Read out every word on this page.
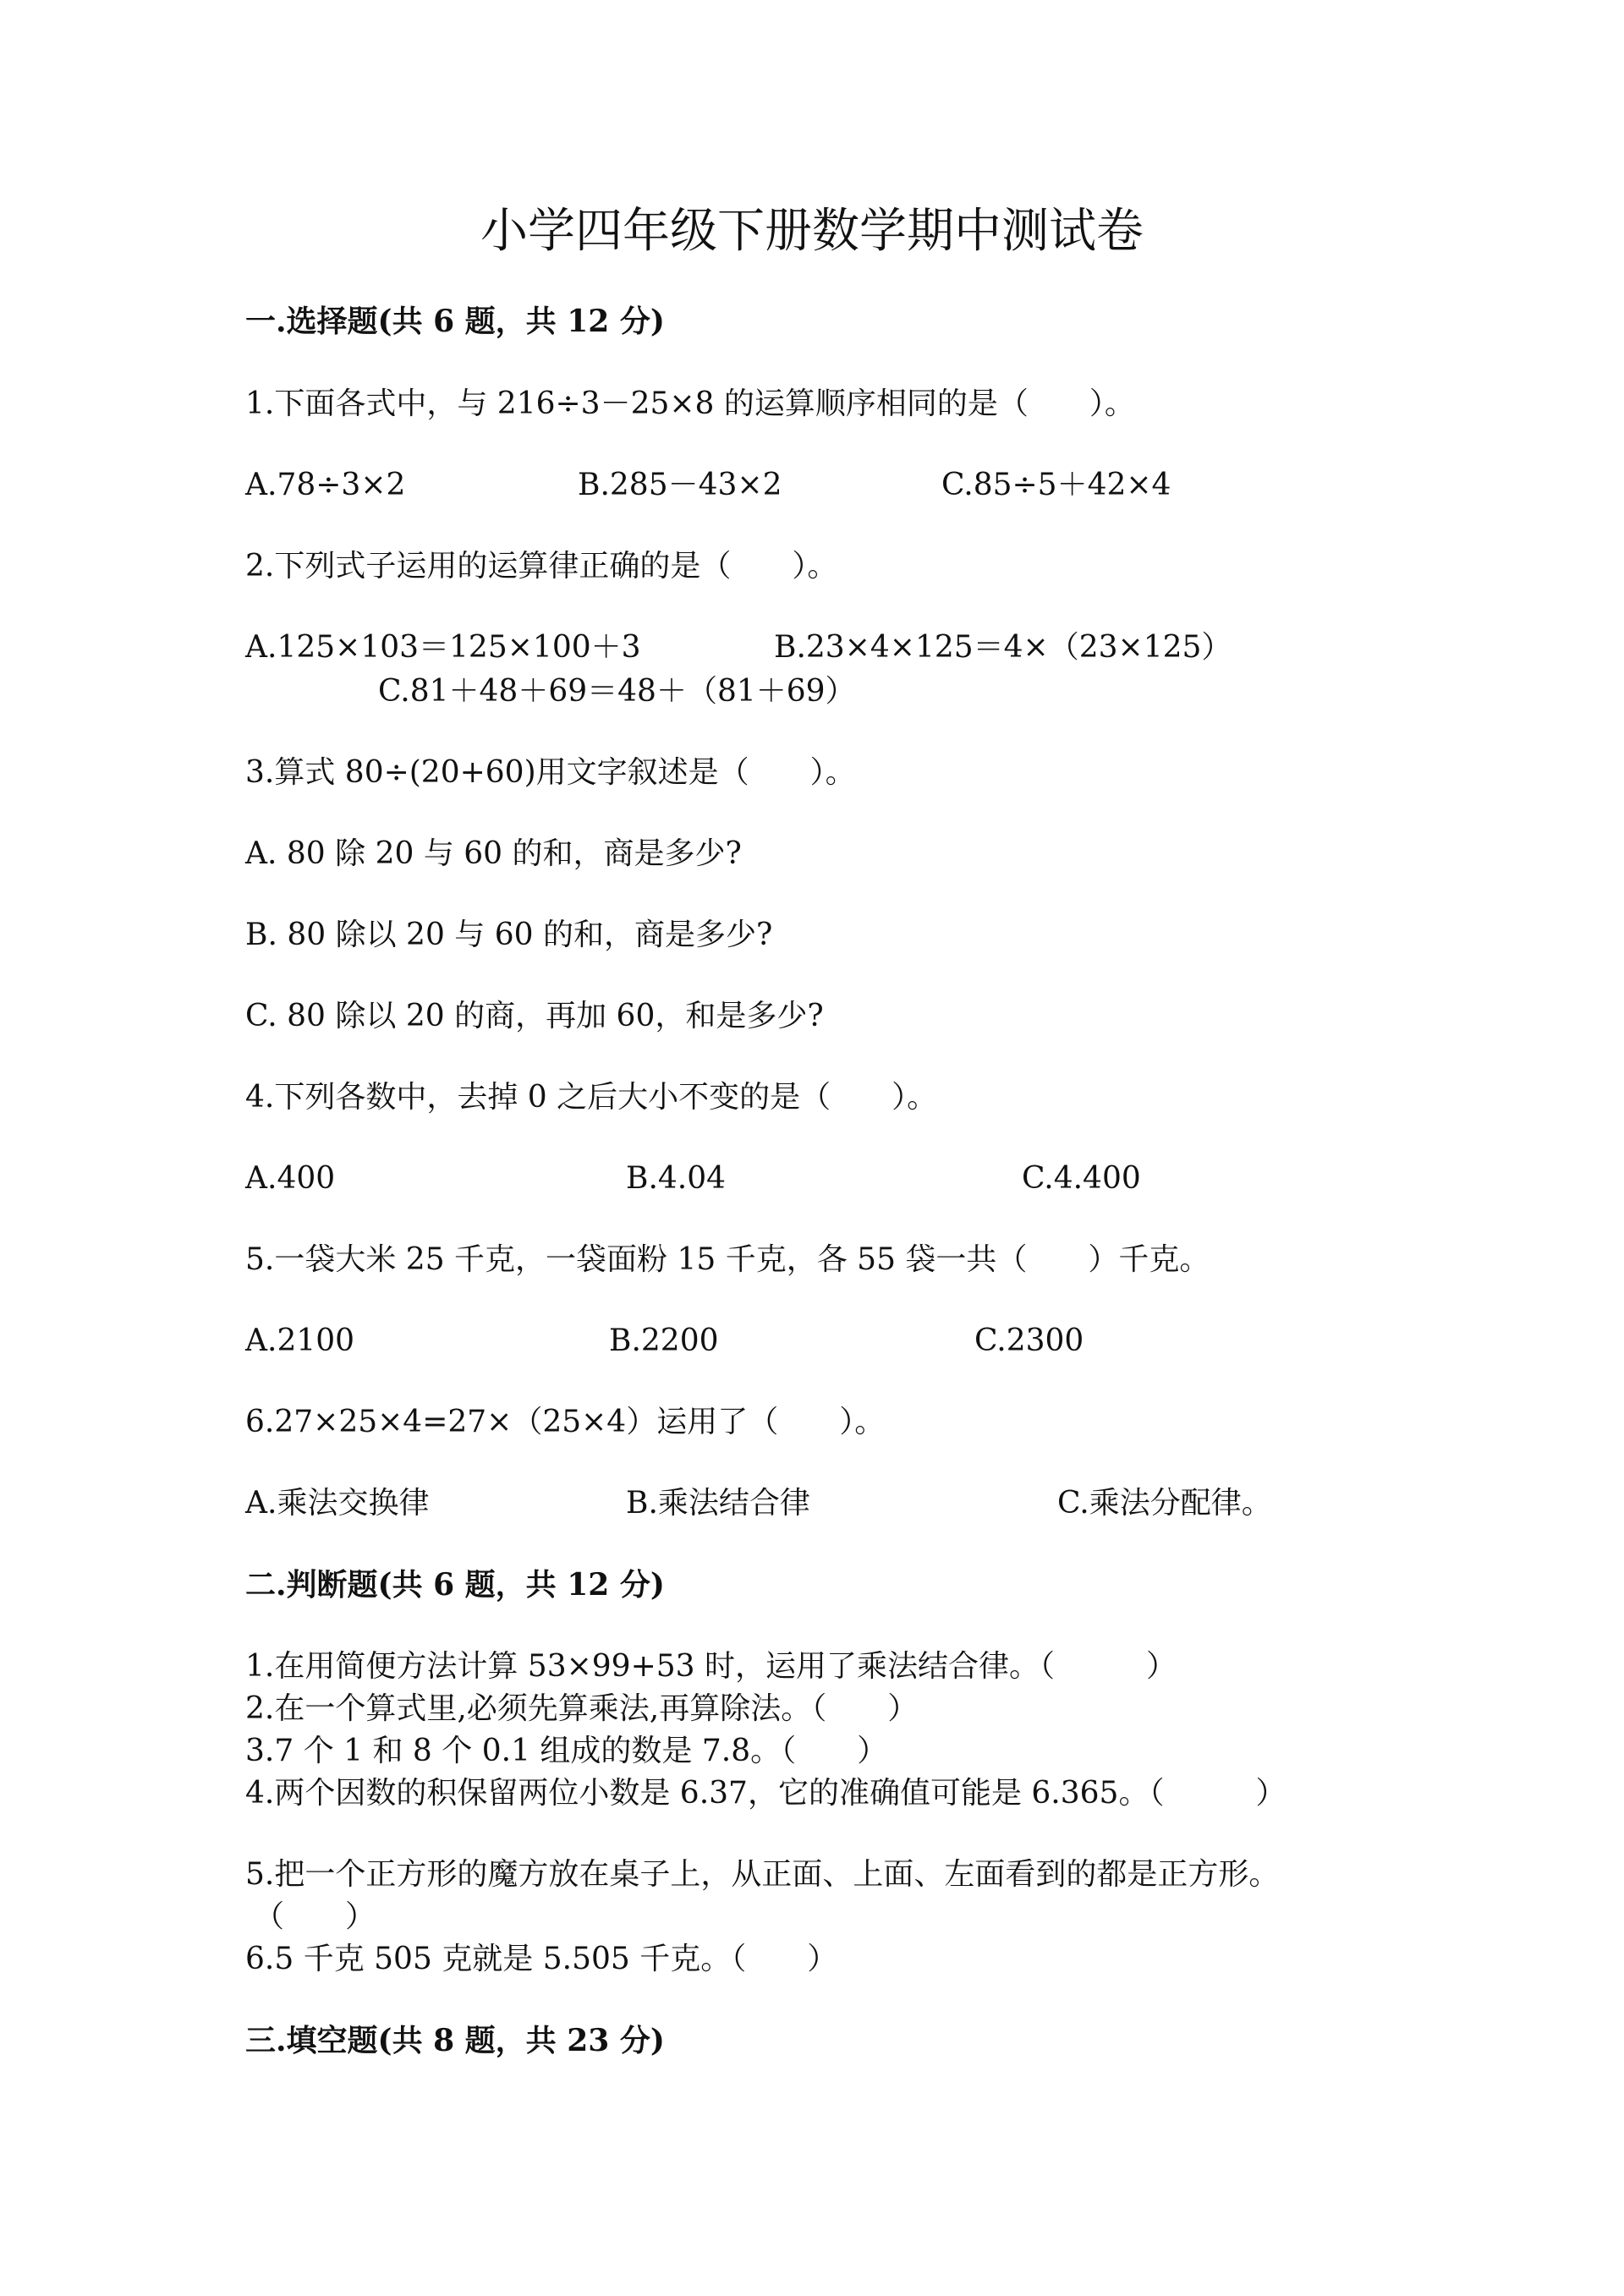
小学四年级下册数学期中测试卷
一.选择题(共 6 题，共 12 分)
1.下面各式中，与 216÷3－25×8 的运算顺序相同的是（　　）。
A.78÷3×2	B.285－43×2	C.85÷5＋42×4
2.下列式子运用的运算律正确的是（　　）。
A.125×103＝125×100＋3	B.23×4×125＝4×（23×125）
C.81＋48＋69＝48＋（81＋69）
3.算式 80÷(20+60)用文字叙述是（　　）。
A. 80 除 20 与 60 的和，商是多少?
B. 80 除以 20 与 60 的和，商是多少?
C. 80 除以 20 的商，再加 60，和是多少?
4.下列各数中，去掉 0 之后大小不变的是（　　）。
A.400	B.4.04	C.4.400
5.一袋大米 25 千克，一袋面粉 15 千克，各 55 袋一共（　　）千克。
A.2100	B.2200	C.2300
6.27×25×4=27×（25×4）运用了（　　）。
A.乘法交换律	B.乘法结合律	C.乘法分配律。
二.判断题(共 6 题，共 12 分)
1.在用简便方法计算 53×99+53 时，运用了乘法结合律。（　　　）
2.在一个算式里,必须先算乘法,再算除法。（　　）
3.7 个 1 和 8 个 0.1 组成的数是 7.8。（　　）
4.两个因数的积保留两位小数是 6.37，它的准确值可能是 6.365。（　　　）
5.把一个正方形的魔方放在桌子上，从正面、上面、左面看到的都是正方形。
（　　）
6.5 千克 505 克就是 5.505 千克。（　　）
三.填空题(共 8 题，共 23 分)
